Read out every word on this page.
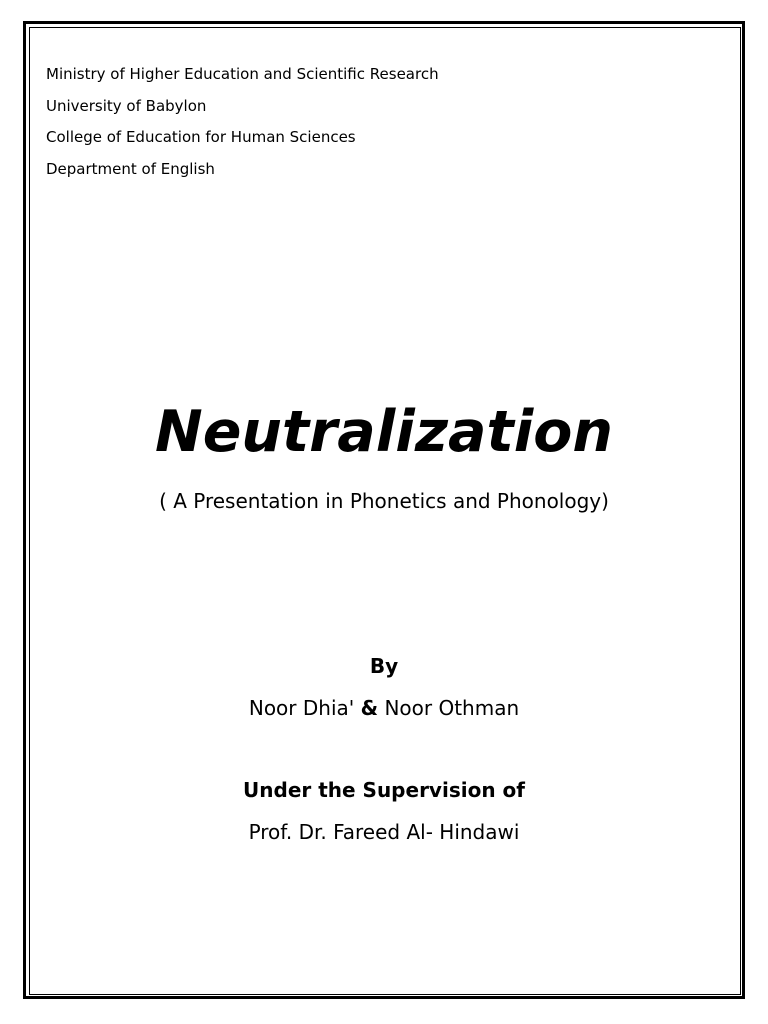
Ministry of Higher Education and Scientific Research
University of Babylon
College of Education for Human Sciences
Department of English
Neutralization
( A Presentation in Phonetics and Phonology)
By
Noor Dhia' & Noor Othman
Under the Supervision of
Prof. Dr. Fareed Al- Hindawi
